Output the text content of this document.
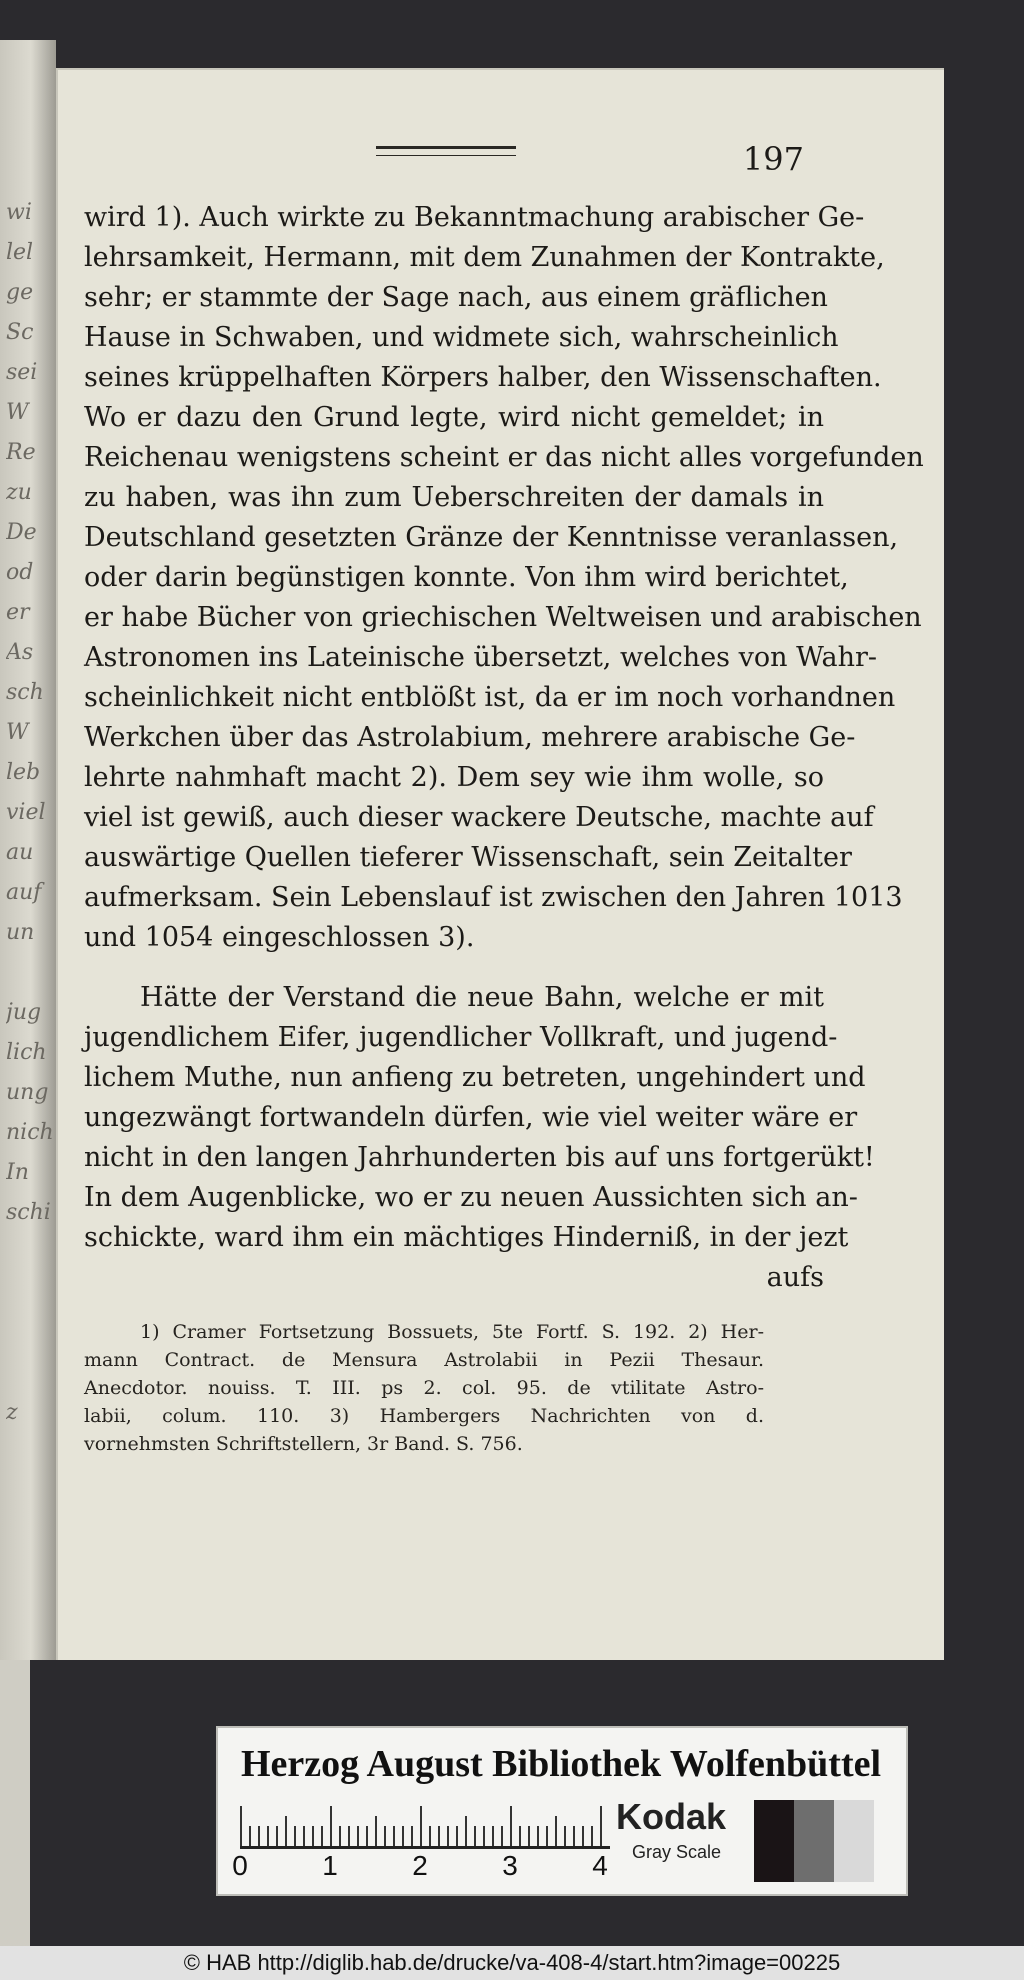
wi
lel
ge
Sc
sei
W
Re
zu
De
od
er
As
sch
W
leb
viel
au
auf
un
jug
lich
ung
nich
In
schi
z
197
wird 1). Auch wirkte zu Bekanntmachung arabischer Ge-
lehrsamkeit, Hermann, mit dem Zunahmen der Kontrakte,
sehr; er stammte der Sage nach, aus einem gräflichen
Hause in Schwaben, und widmete sich, wahrscheinlich
seines krüppelhaften Körpers halber, den Wissenschaften.
Wo er dazu den Grund legte, wird nicht gemeldet; in
Reichenau wenigstens scheint er das nicht alles vorgefunden
zu haben, was ihn zum Ueberschreiten der damals in
Deutschland gesetzten Gränze der Kenntnisse veranlassen,
oder darin begünstigen konnte. Von ihm wird berichtet,
er habe Bücher von griechischen Weltweisen und arabischen
Astronomen ins Lateinische übersetzt, welches von Wahr-
scheinlichkeit nicht entblößt ist, da er im noch vorhandnen
Werkchen über das Astrolabium, mehrere arabische Ge-
lehrte nahmhaft macht 2). Dem sey wie ihm wolle, so
viel ist gewiß, auch dieser wackere Deutsche, machte auf
auswärtige Quellen tieferer Wissenschaft, sein Zeitalter
aufmerksam. Sein Lebenslauf ist zwischen den Jahren 1013
und 1054 eingeschlossen 3).
Hätte der Verstand die neue Bahn, welche er mit
jugendlichem Eifer, jugendlicher Vollkraft, und jugend-
lichem Muthe, nun anfieng zu betreten, ungehindert und
ungezwängt fortwandeln dürfen, wie viel weiter wäre er
nicht in den langen Jahrhunderten bis auf uns fortgerükt!
In dem Augenblicke, wo er zu neuen Aussichten sich an-
schickte, ward ihm ein mächtiges Hinderniß, in der jezt
aufs
1) Cramer Fortsetzung Bossuets, 5te Fortf. S. 192. 2) Her-
mann Contract. de Mensura Astrolabii in Pezii Thesaur.
Anecdotor. nouiss. T. III. ps 2. col. 95. de vtilitate Astro-
labii, colum. 110. 3) Hambergers Nachrichten von d.
vornehmsten Schriftstellern, 3r Band. S. 756.
Herzog August Bibliothek Wolfenbüttel
0	1	2	3	4
Kodak
Gray Scale
© HAB http://diglib.hab.de/drucke/va-408-4/start.htm?image=00225
